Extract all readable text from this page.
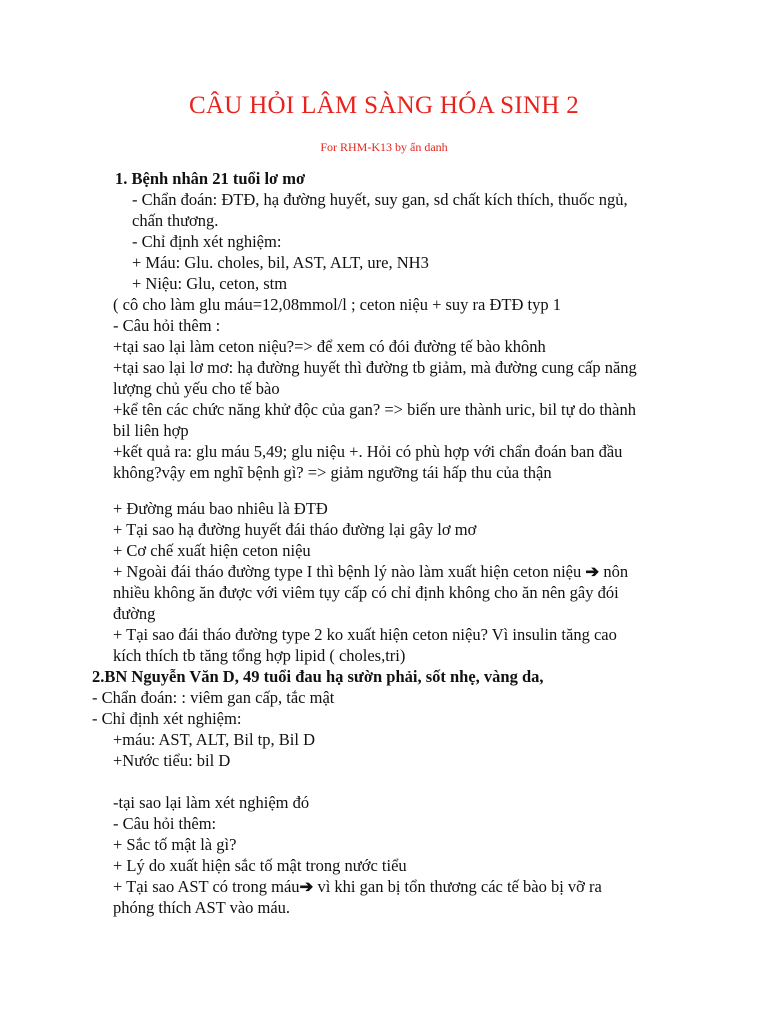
CÂU HỎI LÂM SÀNG HÓA SINH 2
For RHM-K13 by ẩn danh
1. Bệnh nhân 21 tuổi lơ mơ
- Chẩn đoán: ĐTĐ, hạ đường huyết, suy gan, sd chất kích thích, thuốc ngủ,
chấn thương.
- Chỉ định xét nghiệm:
+ Máu: Glu. choles, bil, AST, ALT, ure, NH3
+ Niệu: Glu, ceton, stm
( cô cho làm glu máu=12,08mmol/l ; ceton niệu + suy ra ĐTĐ typ 1
- Câu hỏi thêm :
+tại sao lại làm ceton niệu?=> để xem có đói đường tế bào khônh
+tại sao lại lơ mơ: hạ đường huyết thì đường tb giảm, mà đường cung cấp năng
lượng chủ yếu cho tế bào
+kể tên các chức năng khử độc của gan? => biến ure thành uric, bil tự do thành
bil liên hợp
+kết quả ra: glu máu 5,49; glu niệu +. Hỏi có phù hợp với chẩn đoán ban đầu
không?vậy em nghĩ bệnh gì? => giảm ngưỡng tái hấp thu của thận
+ Đường máu bao nhiêu là ĐTĐ
+ Tại sao hạ đường huyết đái tháo đường lại gây lơ mơ
+ Cơ chế xuất hiện ceton niệu
+ Ngoài đái tháo đường type I thì bệnh lý nào làm xuất hiện ceton niệu ➔ nôn
nhiều không ăn được với viêm tụy cấp có chỉ định không cho ăn nên gây đói
đường
+ Tại sao đái tháo đường type 2 ko xuất hiện ceton niệu? Vì insulin tăng cao
kích thích tb tăng tổng hợp lipid ( choles,tri)
2.BN Nguyễn Văn D, 49 tuổi đau hạ sườn phải, sốt nhẹ, vàng da,
- Chẩn đoán: : viêm gan cấp, tắc mật
- Chỉ định xét nghiệm:
+máu: AST, ALT, Bil tp, Bil D
+Nước tiểu: bil D
-tại sao lại làm xét nghiệm đó
- Câu hỏi thêm:
+ Sắc tố mật là gì?
+ Lý do xuất hiện sắc tố mật trong nước tiểu
+ Tại sao AST có trong máu➔ vì khi gan bị tổn thương các tế bào bị vỡ ra
phóng thích AST vào máu.
